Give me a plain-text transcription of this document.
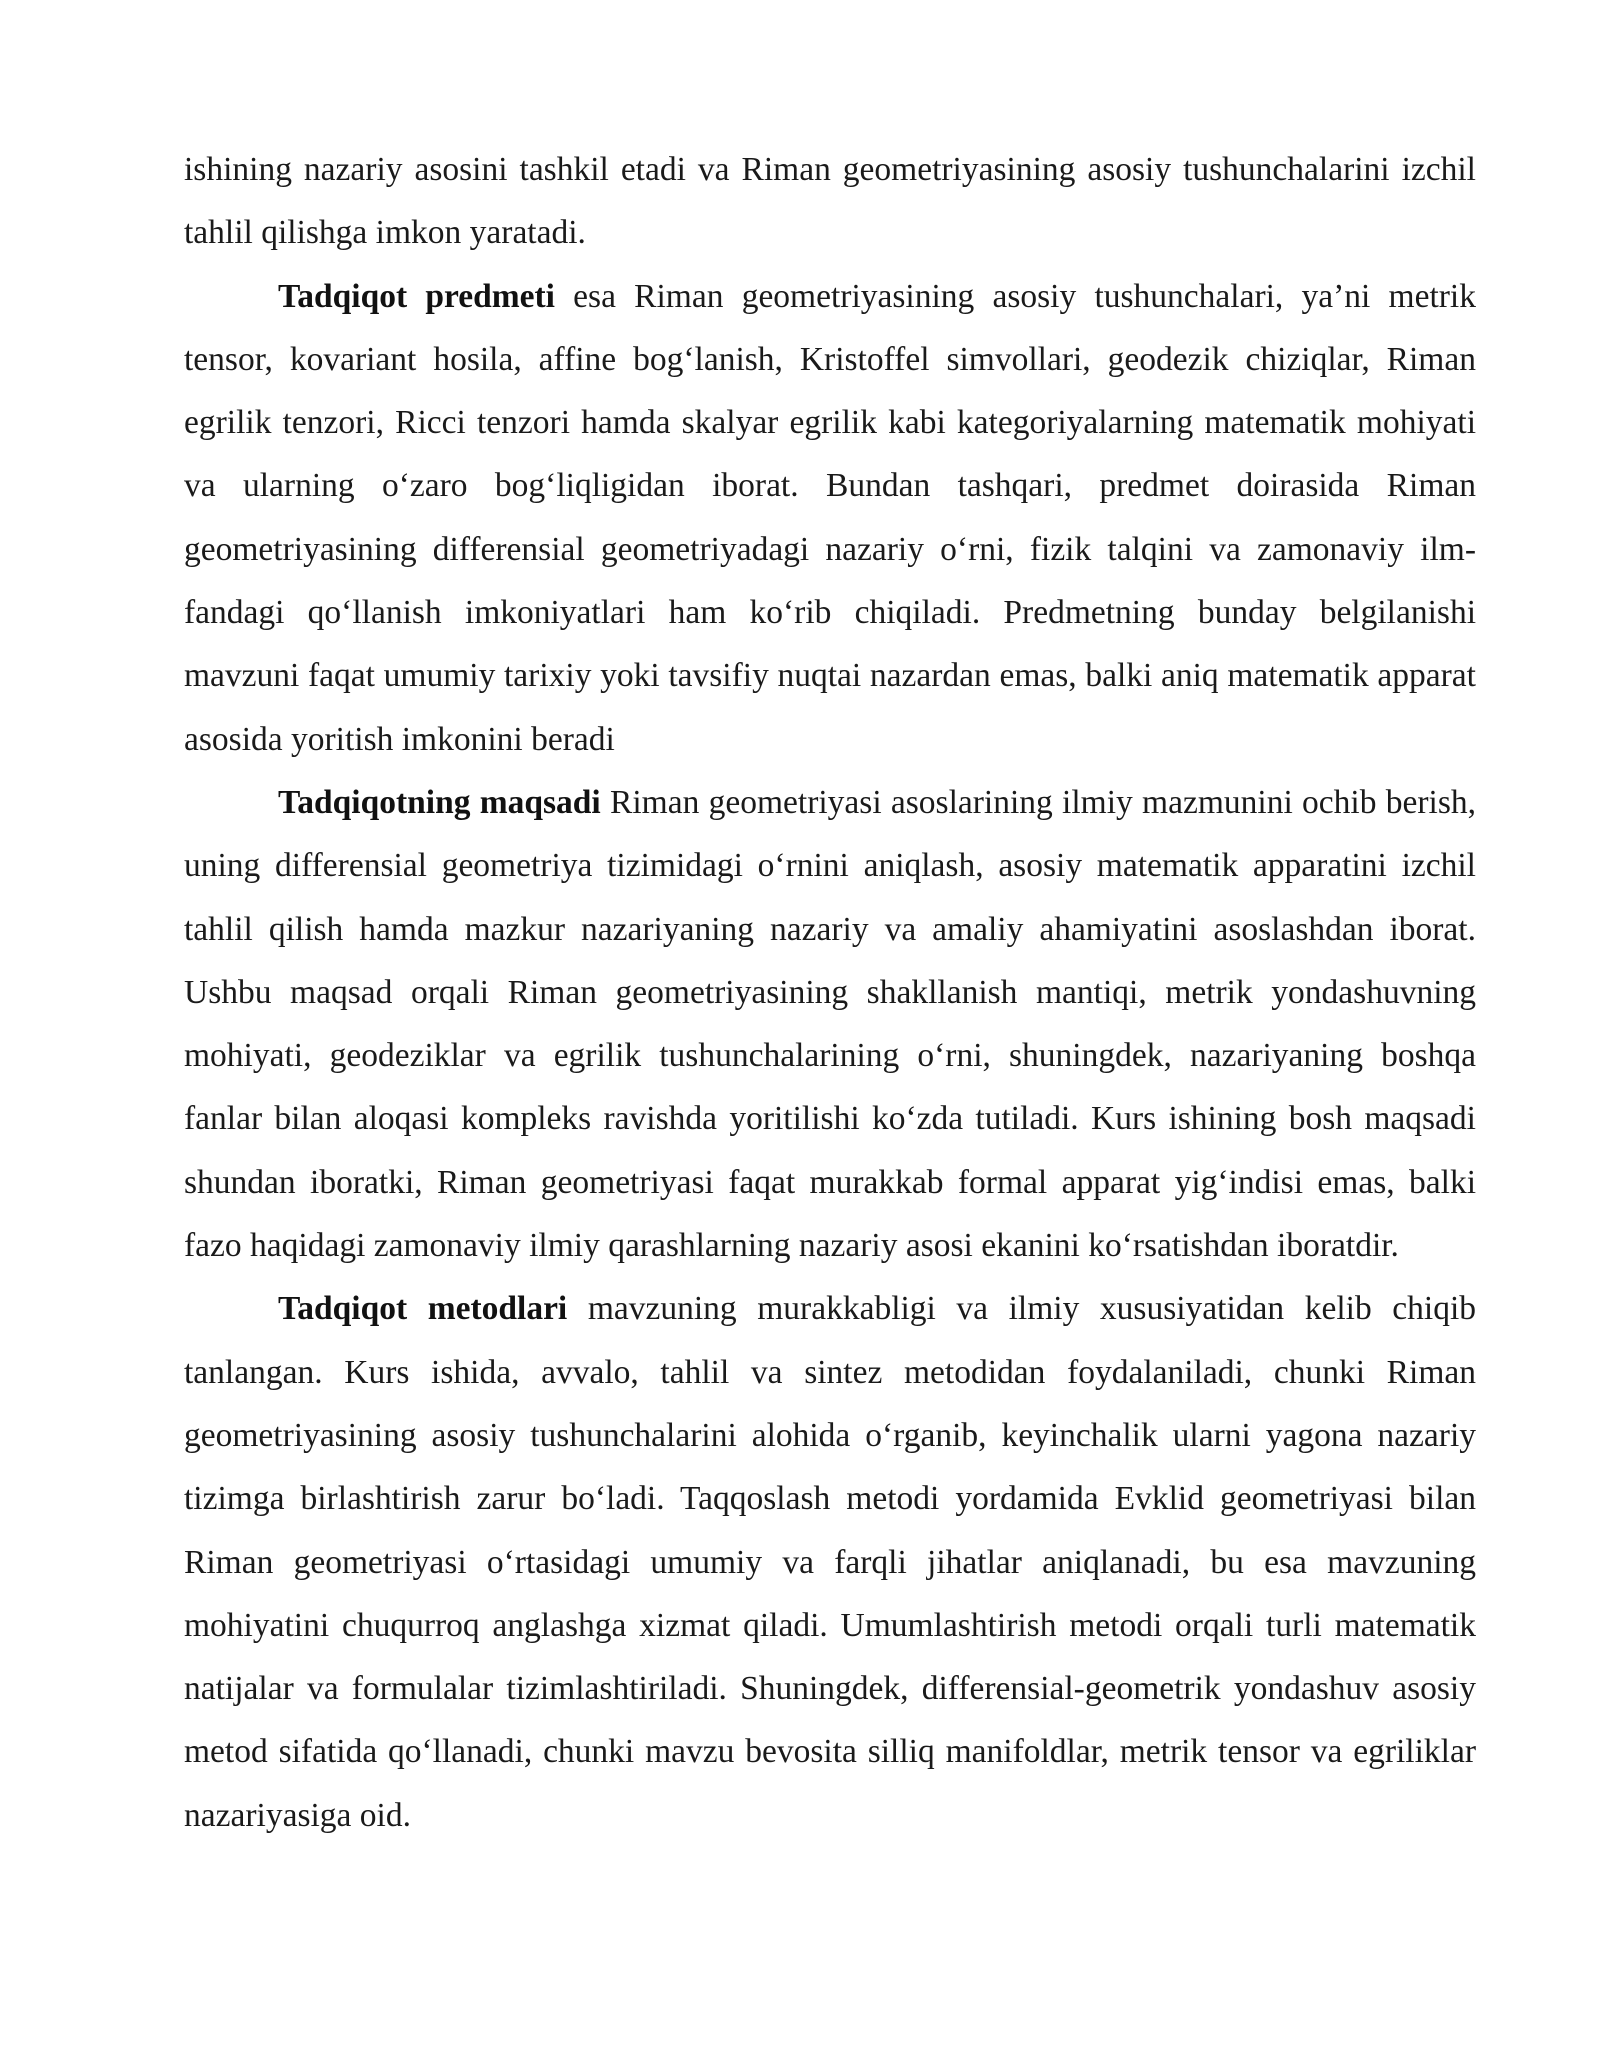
ishining nazariy asosini tashkil etadi va Riman geometriyasining asosiy tushunchalarini izchil tahlil qilishga imkon yaratadi.

Tadqiqot predmeti esa Riman geometriyasining asosiy tushunchalari, ya’ni metrik tensor, kovariant hosila, affine bog‘lanish, Kristoffel simvollari, geodezik chiziqlar, Riman egrilik tenzori, Ricci tenzori hamda skalyar egrilik kabi kategoriyalarning matematik mohiyati va ularning o‘zaro bog‘liqligidan iborat. Bundan tashqari, predmet doirasida Riman geometriyasining differensial geometriyadagi nazariy o‘rni, fizik talqini va zamonaviy ilm-fandagi qo‘llanish imkoniyatlari ham ko‘rib chiqiladi. Predmetning bunday belgilanishi mavzuni faqat umumiy tarixiy yoki tavsifiy nuqtai nazardan emas, balki aniq matematik apparat asosida yoritish imkonini beradi

Tadqiqotning maqsadi Riman geometriyasi asoslarining ilmiy mazmunini ochib berish, uning differensial geometriya tizimidagi o‘rnini aniqlash, asosiy matematik apparatini izchil tahlil qilish hamda mazkur nazariyaning nazariy va amaliy ahamiyatini asoslashdan iborat. Ushbu maqsad orqali Riman geometriyasining shakllanish mantiqi, metrik yondashuvning mohiyati, geodeziklar va egrilik tushunchalarining o‘rni, shuningdek, nazariyaning boshqa fanlar bilan aloqasi kompleks ravishda yoritilishi ko‘zda tutiladi. Kurs ishining bosh maqsadi shundan iboratki, Riman geometriyasi faqat murakkab formal apparat yig‘indisi emas, balki fazo haqidagi zamonaviy ilmiy qarashlarning nazariy asosi ekanini ko‘rsatishdan iboratdir.

Tadqiqot metodlari mavzuning murakkabligi va ilmiy xususiyatidan kelib chiqib tanlangan. Kurs ishida, avvalo, tahlil va sintez metodidan foydalaniladi, chunki Riman geometriyasining asosiy tushunchalarini alohida o‘rganib, keyinchalik ularni yagona nazariy tizimga birlashtirish zarur bo‘ladi. Taqqoslash metodi yordamida Evklid geometriyasi bilan Riman geometriyasi o‘rtasidagi umumiy va farqli jihatlar aniqlanadi, bu esa mavzuning mohiyatini chuqurroq anglashga xizmat qiladi. Umumlashtirish metodi orqali turli matematik natijalar va formulalar tizimlashtiriladi. Shuningdek, differensial-geometrik yondashuv asosiy metod sifatida qo‘llanadi, chunki mavzu bevosita silliq manifoldlar, metrik tensor va egriliklar nazariyasiga oid.
